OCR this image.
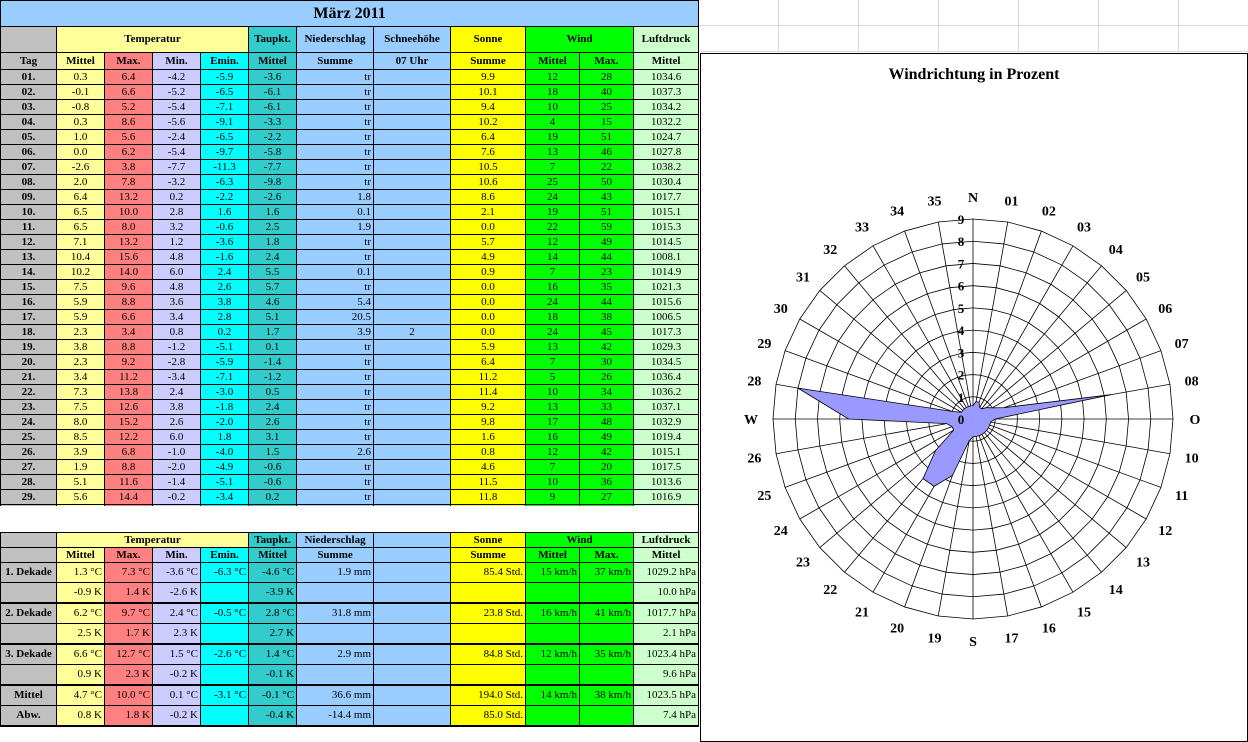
März 2011											
	Temperatur				Taupkt.	Niederschlag	Schneehöhe	Sonne	Wind		Luftdruck
Tag	Mittel	Max.	Min.	Emin.	Mittel	Summe	07 Uhr	Summe	Mittel	Max.	Mittel
01.	0.3	6.4	-4.2	-5.9	-3.6	tr		9.9	12	28	1034.6
02.	-0.1	6.6	-5.2	-6.5	-6.1	tr		10.1	18	40	1037.3
03.	-0.8	5.2	-5.4	-7.1	-6.1	tr		9.4	10	25	1034.2
04.	0.3	8.6	-5.6	-9.1	-3.3	tr		10.2	4	15	1032.2
05.	1.0	5.6	-2.4	-6.5	-2.2	tr		6.4	19	51	1024.7
06.	0.0	6.2	-5.4	-9.7	-5.8	tr		7.6	13	46	1027.8
07.	-2.6	3.8	-7.7	-11.3	-7.7	tr		10.5	7	22	1038.2
08.	2.0	7.8	-3.2	-6.3	-9.8	tr		10.6	25	50	1030.4
09.	6.4	13.2	0.2	-2.2	-2.6	1.8		8.6	24	43	1017.7
10.	6.5	10.0	2.8	1.6	1.6	0.1		2.1	19	51	1015.1
11.	6.5	8.0	3.2	-0.6	2.5	1.9		0.0	22	59	1015.3
12.	7.1	13.2	1.2	-3.6	1.8	tr		5.7	12	49	1014.5
13.	10.4	15.6	4.8	-1.6	2.4	tr		4.9	14	44	1008.1
14.	10.2	14.0	6.0	2.4	5.5	0.1		0.9	7	23	1014.9
15.	7.5	9.6	4.8	2.6	5.7	tr		0.0	16	35	1021.3
16.	5.9	8.8	3.6	3.8	4.6	5.4		0.0	24	44	1015.6
17.	5.9	6.6	3.4	2.8	5.1	20.5		0.0	18	38	1006.5
18.	2.3	3.4	0.8	0.2	1.7	3.9	2	0.0	24	45	1017.3
19.	3.8	8.8	-1.2	-5.1	0.1	tr		5.9	13	42	1029.3
20.	2.3	9.2	-2.8	-5.9	-1.4	tr		6.4	7	30	1034.5
21.	3.4	11.2	-3.4	-7.1	-1.2	tr		11.2	5	26	1036.4
22.	7.3	13.8	2.4	-3.0	0.5	tr		11.4	10	34	1036.2
23.	7.5	12.6	3.8	-1.8	2.4	tr		9.2	13	33	1037.1
24.	8.0	15.2	2.6	-2.0	2.6	tr		9.8	17	48	1032.9
25.	8.5	12.2	6.0	1.8	3.1	tr		1.6	16	49	1019.4
26.	3.9	6.8	-1.0	-4.0	1.5	2.6		0.8	12	42	1015.1
27.	1.9	8.8	-2.0	-4.9	-0.6	tr		4.6	7	20	1017.5
28.	5.1	11.6	-1.4	-5.1	-0.6	tr		11.5	10	36	1013.6
29.	5.6	14.4	-0.2	-3.4	0.2	tr		11.8	9	27	1016.9

	Temperatur				Taupkt.	Niederschlag		Sonne	Wind		Luftdruck
	Mittel	Max.	Min.	Emin.	Mittel	Summe		Summe	Mittel	Max.	Mittel
1. Dekade	1.3 °C	7.3 °C	-3.6 °C	-6.3 °C	-4.6 °C	1.9 mm		85.4 Std.	15 km/h	37 km/h	1029.2 hPa
	-0.9 K	1.4 K	-2.6 K		-3.9 K						10.0 hPa
2. Dekade	6.2 °C	9.7 °C	2.4 °C	-0.5 °C	2.8 °C	31.8 mm		23.8 Std.	16 km/h	41 km/h	1017.7 hPa
	2.5 K	1.7 K	2.3 K		2.7 K						2.1 hPa
3. Dekade	6.6 °C	12.7 °C	1.5 °C	-2.6 °C	1.4 °C	2.9 mm		84.8 Std.	12 km/h	35 km/h	1023.4 hPa
	0.9 K	2.3 K	-0.2 K		-0.1 K						9.6 hPa
Mittel	4.7 °C	10.0 °C	0.1 °C	-3.1 °C	-0.1 °C	36.6 mm		194.0 Std.	14 km/h	38 km/h	1023.5 hPa
Abw.	0.8 K	1.8 K	-0.2 K		-0.4 K	-14.4 mm		85.0 Std.			7.4 hPa
Windrichtung in Prozent
01
02
03
04
05
06
07
08
O
10
11
12
13
14
15
16
17
S
19
20
21
22
23
24
25
26
W
28
29
30
31
32
33
34
35 N
0
1
2
3
4
5
6
7
8
9
